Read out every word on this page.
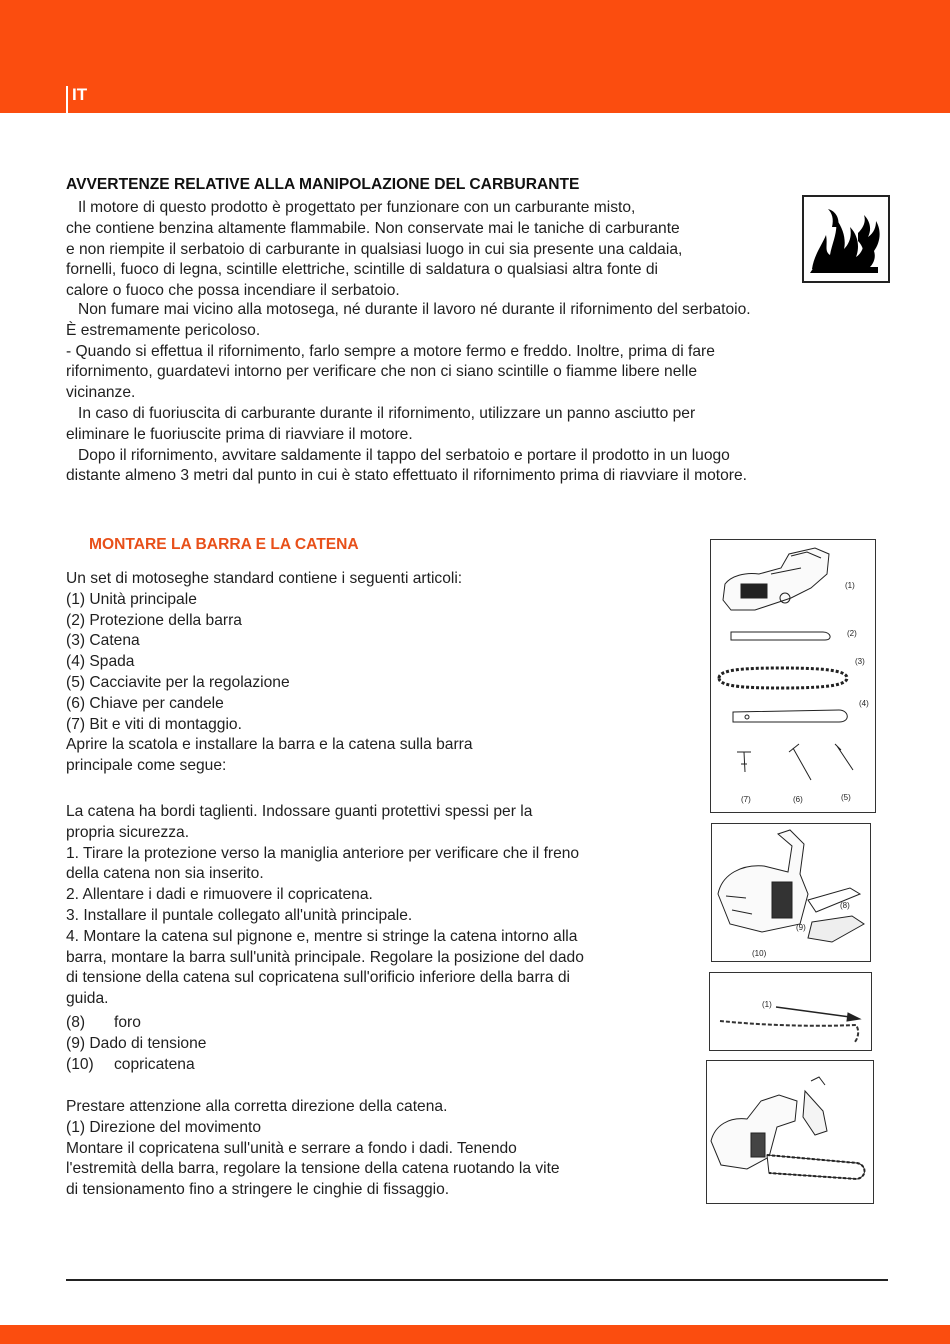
IT
AVVERTENZE RELATIVE ALLA MANIPOLAZIONE DEL CARBURANTE

Il motore di questo prodotto è progettato per funzionare con un carburante misto,

che contiene benzina altamente flammabile. Non conservate mai le taniche di carburante

e non riempite il serbatoio di carburante in qualsiasi luogo in cui sia presente una caldaia,

fornelli, fuoco di legna, scintille elettriche, scintille di saldatura o qualsiasi altra fonte di

calore o fuoco che possa incendiare il serbatoio.

Non fumare mai vicino alla motosega, né durante il lavoro né durante il rifornimento del serbatoio.

È estremamente pericoloso.

- Quando si effettua il rifornimento, farlo sempre a motore fermo e freddo. Inoltre, prima di fare

rifornimento, guardatevi intorno per verificare che non ci siano scintille o fiamme libere nelle

vicinanze.

In caso di fuoriuscita di carburante durante il rifornimento, utilizzare un panno asciutto per

eliminare le fuoriuscite prima di riavviare il motore.

Dopo il rifornimento, avvitare saldamente il tappo del serbatoio e portare il prodotto in un luogo

distante almeno 3 metri dal punto in cui è stato effettuato il rifornimento prima di riavviare il motore.

MONTARE LA BARRA E LA CATENA

Un set di motoseghe standard contiene i seguenti articoli:

(1) Unità principale

(2) Protezione della barra

(3) Catena

(4) Spada

(5) Cacciavite per la regolazione

(6) Chiave per candele

(7) Bit e viti di montaggio.

Aprire la scatola e installare la barra e la catena sulla barra

principale come segue:

La catena ha bordi taglienti. Indossare guanti protettivi spessi per la

propria sicurezza.

1. Tirare la protezione verso la maniglia anteriore per verificare che il freno

della catena non sia inserito.

2. Allentare i dadi e rimuovere il copricatena.

3. Installare il puntale collegato all'unità principale.

4. Montare la catena sul pignone e, mentre si stringe la catena intorno alla

barra, montare la barra sull'unità principale. Regolare la posizione del dado

di tensione della catena sul copricatena sull'orificio inferiore della barra di

guida.

(8) foro

(9) Dado di tensione

(10) copricatena

Prestare attenzione alla corretta direzione della catena.

(1) Direzione del movimento

Montare il copricatena sull'unità e serrare a fondo i dadi. Tenendo

l'estremità della barra, regolare la tensione della catena ruotando la vite

di tensionamento fino a stringere le cinghie di fissaggio.

(1)
(2)
(3)
(4)
(7)	(6)	(5)
(8)
(9)
(10)
(1)
